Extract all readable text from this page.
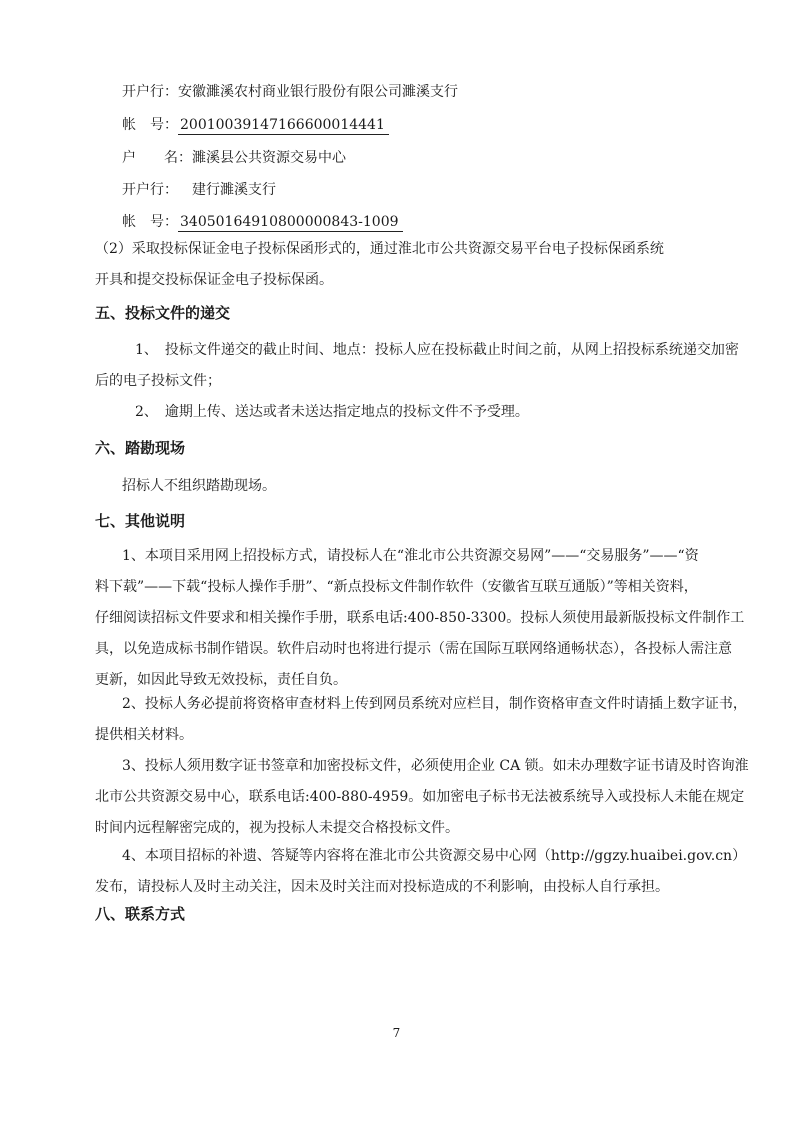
开户行：安徽濉溪农村商业银行股份有限公司濉溪支行
帐　号： 20010039147166600014441
户　　名：濉溪县公共资源交易中心
开户行： 建行濉溪支行
帐　号： 34050164910800000843-1009
（2）采取投标保证金电子投标保函形式的，通过淮北市公共资源交易平台电子投标保函系统
开具和提交投标保证金电子投标保函。
五、投标文件的递交
1、　投标文件递交的截止时间、地点：投标人应在投标截止时间之前，从网上招投标系统递交加密
后的电子投标文件；
2、　逾期上传、送达或者未送达指定地点的投标文件不予受理。
六、踏勘现场
招标人不组织踏勘现场。
七、其他说明
1、本项目采用网上招投标方式，请投标人在“淮北市公共资源交易网”——“交易服务”——“资
料下载”——下载“投标人操作手册”、“新点投标文件制作软件（安徽省互联互通版）”等相关资料，
仔细阅读招标文件要求和相关操作手册，联系电话:400-850-3300。投标人须使用最新版投标文件制作工
具，以免造成标书制作错误。软件启动时也将进行提示（需在国际互联网络通畅状态），各投标人需注意
更新，如因此导致无效投标，责任自负。
2、投标人务必提前将资格审查材料上传到网员系统对应栏目，制作资格审查文件时请插上数字证书，
提供相关材料。
3、投标人须用数字证书签章和加密投标文件，必须使用企业 CA 锁。如未办理数字证书请及时咨询淮
北市公共资源交易中心，联系电话:400-880-4959。如加密电子标书无法被系统导入或投标人未能在规定
时间内远程解密完成的，视为投标人未提交合格投标文件。
4、本项目招标的补遗、答疑等内容将在淮北市公共资源交易中心网（http://ggzy.huaibei.gov.cn）
发布，请投标人及时主动关注，因未及时关注而对投标造成的不利影响，由投标人自行承担。
八、联系方式
7
